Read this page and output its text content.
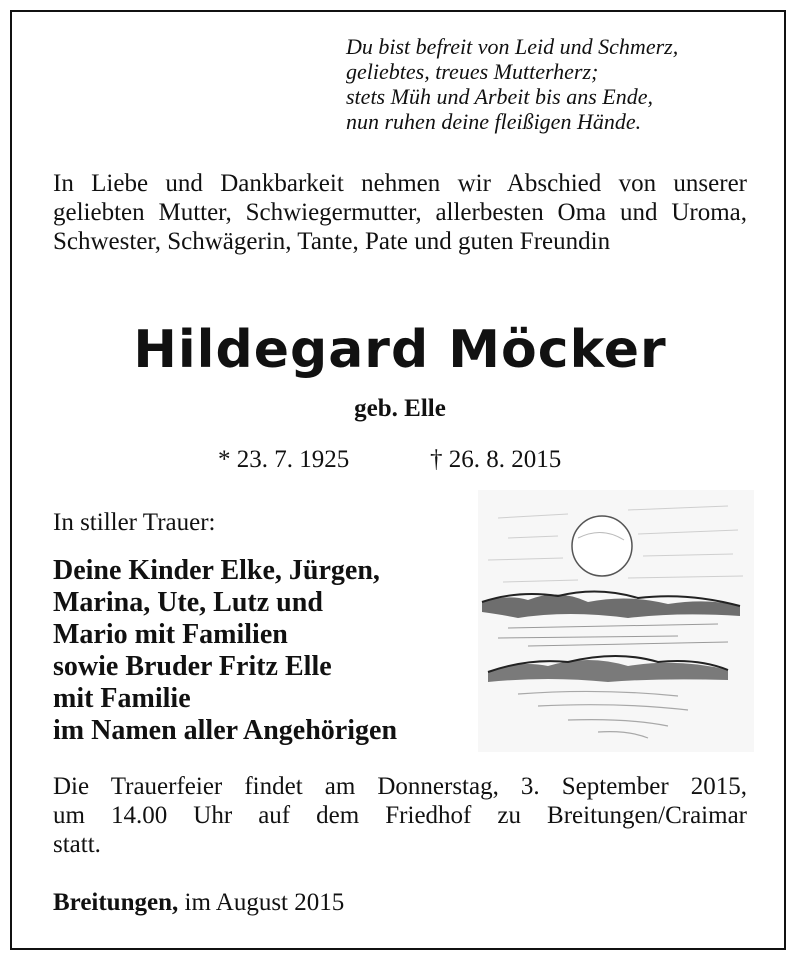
Du bist befreit von Leid und Schmerz,
geliebtes, treues Mutterherz;
stets Müh und Arbeit bis ans Ende,
nun ruhen deine fleißigen Hände.
In Liebe und Dankbarkeit nehmen wir Abschied von unserer geliebten Mutter, Schwiegermutter, allerbesten Oma und Uroma, Schwester, Schwägerin, Tante, Pate und guten Freundin
Hildegard Möcker
geb. Elle
* 23. 7. 1925	† 26. 8. 2015
In stiller Trauer:
Deine Kinder Elke, Jürgen,
Marina, Ute, Lutz und
Mario mit Familien
sowie Bruder Fritz Elle
mit Familie
im Namen aller Angehörigen
Die Trauerfeier findet am Donnerstag, 3. September 2015,
um 14.00 Uhr auf dem Friedhof zu Breitungen/Craimar
statt.
Breitungen, im August 2015
